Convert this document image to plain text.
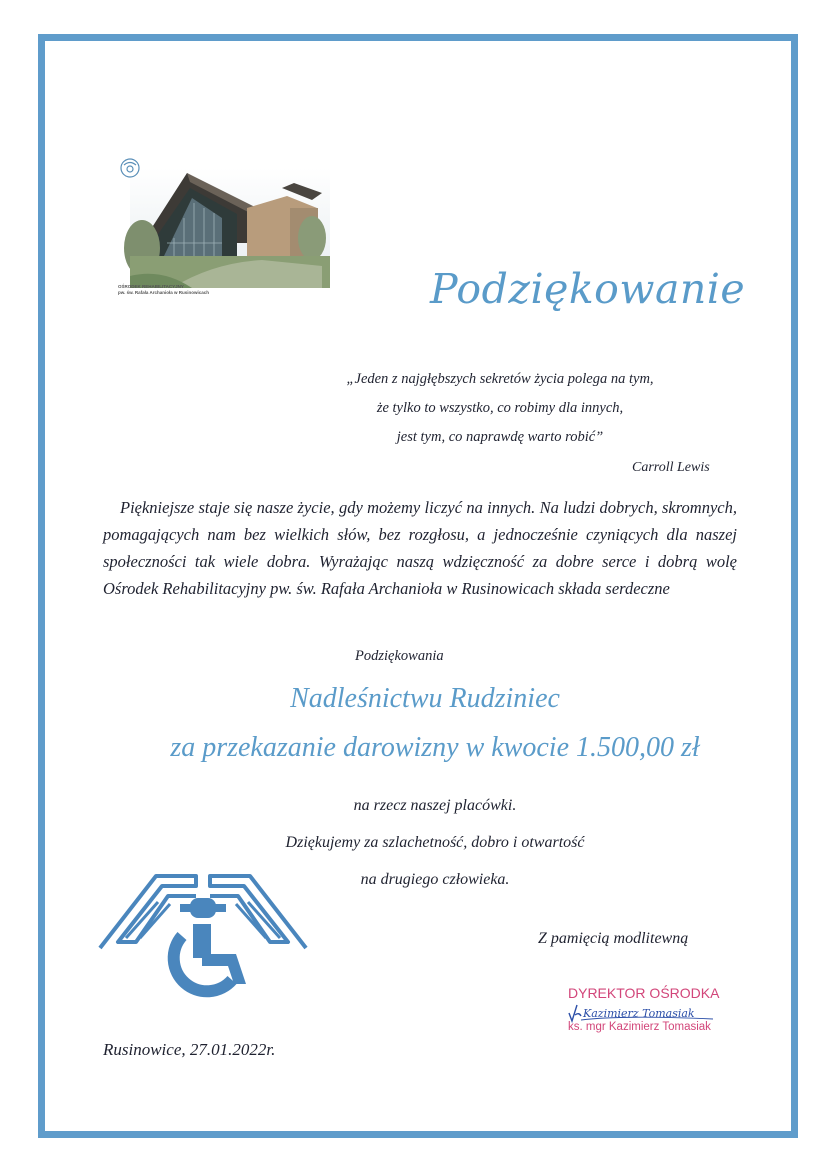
OŚRODEK REHABILITACYJNY
pw. św. Rafała Archanioła w Rusinowicach	Podziękowanie
„Jeden z najgłębszych sekretów życia polega na tym,
że tylko to wszystko, co robimy dla innych,
jest tym, co naprawdę warto robić”
Carroll Lewis
Piękniejsze staje się nasze życie, gdy możemy liczyć na innych. Na ludzi dobrych, skromnych, pomagających nam bez wielkich słów, bez rozgłosu, a jednocześnie czyniących dla naszej społeczności tak wiele dobra. Wyrażając naszą wdzięczność za dobre serce i dobrą wolę Ośrodek Rehabilitacyjny pw. św. Rafała Archanioła w Rusinowicach składa serdeczne
Podziękowania
Nadleśnictwu Rudziniec
za przekazanie darowizny w kwocie 1.500,00 zł
na rzecz naszej placówki.
Dziękujemy za szlachetność, dobro i otwartość
na drugiego człowieka.
Z pamięcią modlitewną
DYREKTOR OŚRODKA
Kazimierz Tomasiak
ks. mgr Kazimierz Tomasiak
Rusinowice, 27.01.2022r.
